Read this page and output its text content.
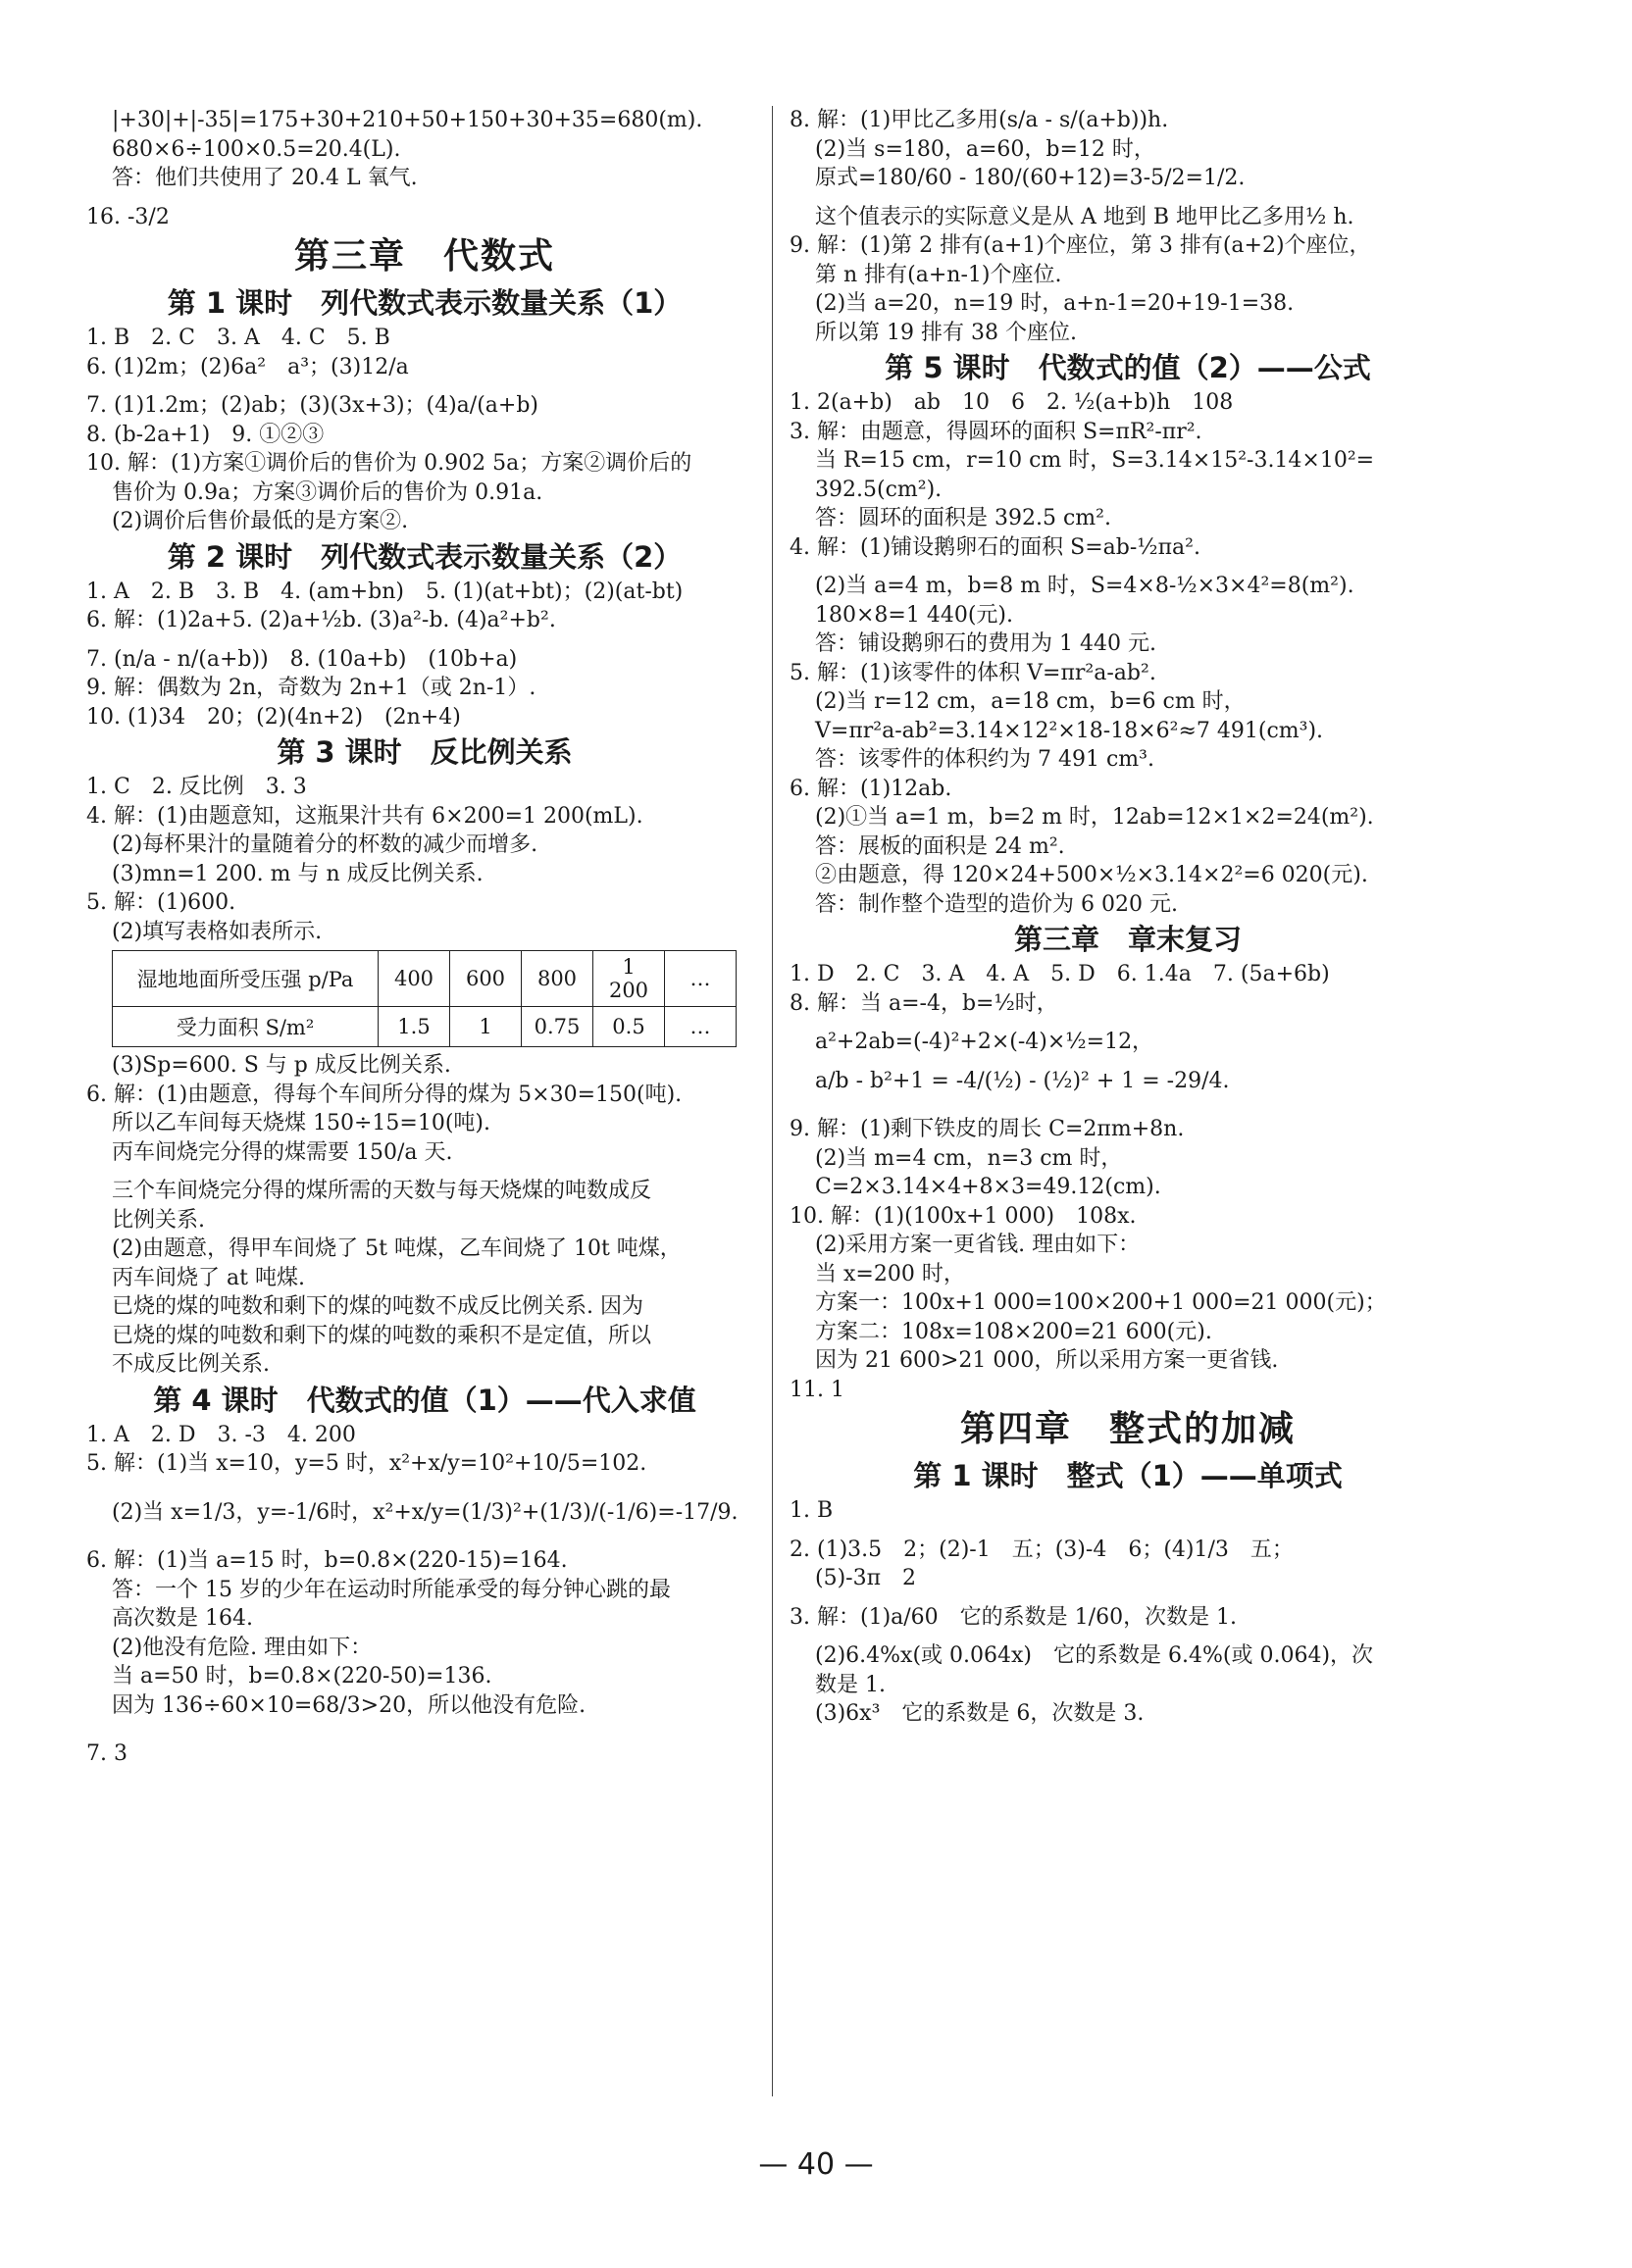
|+30|+|-35|=175+30+210+50+150+30+35=680(m).
680×6÷100×0.5=20.4(L).
答：他们共使用了 20.4 L 氧气.
16. -3/2
第三章　代数式
第 1 课时　列代数式表示数量关系（1）
1. B　2. C　3. A　4. C　5. B
6. (1)2m；(2)6a²　a³；(3)12/a
7. (1)1.2m；(2)ab；(3)(3x+3)；(4)a/(a+b)
8. (b-2a+1)　9. ①②③
10. 解：(1)方案①调价后的售价为 0.902 5a；方案②调价后的
售价为 0.9a；方案③调价后的售价为 0.91a.
(2)调价后售价最低的是方案②.
第 2 课时　列代数式表示数量关系（2）
1. A　2. B　3. B　4. (am+bn)　5. (1)(at+bt)；(2)(at-bt)
6. 解：(1)2a+5. (2)a+½b. (3)a²-b. (4)a²+b².
7. (n/a - n/(a+b))　8. (10a+b)　(10b+a)
9. 解：偶数为 2n，奇数为 2n+1（或 2n-1）.
10. (1)34　20；(2)(4n+2)　(2n+4)
第 3 课时　反比例关系
1. C　2. 反比例　3. 3
4. 解：(1)由题意知，这瓶果汁共有 6×200=1 200(mL).
(2)每杯果汁的量随着分的杯数的减少而增多.
(3)mn=1 200. m 与 n 成反比例关系.
5. 解：(1)600.
(2)填写表格如表所示.
湿地地面所受压强 p/Pa	400	600	800	1 200	…
受力面积 S/m²	1.5	1	0.75	0.5	…
(3)Sp=600. S 与 p 成反比例关系.
6. 解：(1)由题意，得每个车间所分得的煤为 5×30=150(吨).
所以乙车间每天烧煤 150÷15=10(吨).
丙车间烧完分得的煤需要 150/a 天.
三个车间烧完分得的煤所需的天数与每天烧煤的吨数成反
比例关系.
(2)由题意，得甲车间烧了 5t 吨煤，乙车间烧了 10t 吨煤，
丙车间烧了 at 吨煤.
已烧的煤的吨数和剩下的煤的吨数不成反比例关系. 因为
已烧的煤的吨数和剩下的煤的吨数的乘积不是定值，所以
不成反比例关系.
第 4 课时　代数式的值（1）——代入求值
1. A　2. D　3. -3　4. 200
5. 解：(1)当 x=10，y=5 时，x²+x/y=10²+10/5=102.
(2)当 x=1/3，y=-1/6时，x²+x/y=(1/3)²+(1/3)/(-1/6)=-17/9.
6. 解：(1)当 a=15 时，b=0.8×(220-15)=164.
答：一个 15 岁的少年在运动时所能承受的每分钟心跳的最
高次数是 164.
(2)他没有危险. 理由如下：
当 a=50 时，b=0.8×(220-50)=136.
因为 136÷60×10=68/3>20，所以他没有危险.
7. 3
8. 解：(1)甲比乙多用(s/a - s/(a+b))h.
(2)当 s=180，a=60，b=12 时，
原式=180/60 - 180/(60+12)=3-5/2=1/2.
这个值表示的实际意义是从 A 地到 B 地甲比乙多用½ h.
9. 解：(1)第 2 排有(a+1)个座位，第 3 排有(a+2)个座位，
第 n 排有(a+n-1)个座位.
(2)当 a=20，n=19 时，a+n-1=20+19-1=38.
所以第 19 排有 38 个座位.
第 5 课时　代数式的值（2）——公式
1. 2(a+b)　ab　10　6　2. ½(a+b)h　108
3. 解：由题意，得圆环的面积 S=πR²-πr².
当 R=15 cm，r=10 cm 时，S=3.14×15²-3.14×10²=
392.5(cm²).
答：圆环的面积是 392.5 cm².
4. 解：(1)铺设鹅卵石的面积 S=ab-½πa².
(2)当 a=4 m，b=8 m 时，S=4×8-½×3×4²=8(m²).
180×8=1 440(元).
答：铺设鹅卵石的费用为 1 440 元.
5. 解：(1)该零件的体积 V=πr²a-ab².
(2)当 r=12 cm，a=18 cm，b=6 cm 时，
V=πr²a-ab²=3.14×12²×18-18×6²≈7 491(cm³).
答：该零件的体积约为 7 491 cm³.
6. 解：(1)12ab.
(2)①当 a=1 m，b=2 m 时，12ab=12×1×2=24(m²).
答：展板的面积是 24 m².
②由题意，得 120×24+500×½×3.14×2²=6 020(元).
答：制作整个造型的造价为 6 020 元.
第三章　章末复习
1. D　2. C　3. A　4. A　5. D　6. 1.4a　7. (5a+6b)
8. 解：当 a=-4，b=½时，
a²+2ab=(-4)²+2×(-4)×½=12，
a/b - b²+1 = -4/(½) - (½)² + 1 = -29/4.
9. 解：(1)剩下铁皮的周长 C=2πm+8n.
(2)当 m=4 cm，n=3 cm 时，
C=2×3.14×4+8×3=49.12(cm).
10. 解：(1)(100x+1 000)　108x.
(2)采用方案一更省钱. 理由如下：
当 x=200 时，
方案一：100x+1 000=100×200+1 000=21 000(元)；
方案二：108x=108×200=21 600(元).
因为 21 600>21 000，所以采用方案一更省钱.
11. 1
第四章　整式的加减
第 1 课时　整式（1）——单项式
1. B
2. (1)3.5　2；(2)-1　五；(3)-4　6；(4)1/3　五；
(5)-3π　2
3. 解：(1)a/60　它的系数是 1/60，次数是 1.
(2)6.4%x(或 0.064x)　它的系数是 6.4%(或 0.064)，次
数是 1.
(3)6x³　它的系数是 6，次数是 3.
— 40 —
